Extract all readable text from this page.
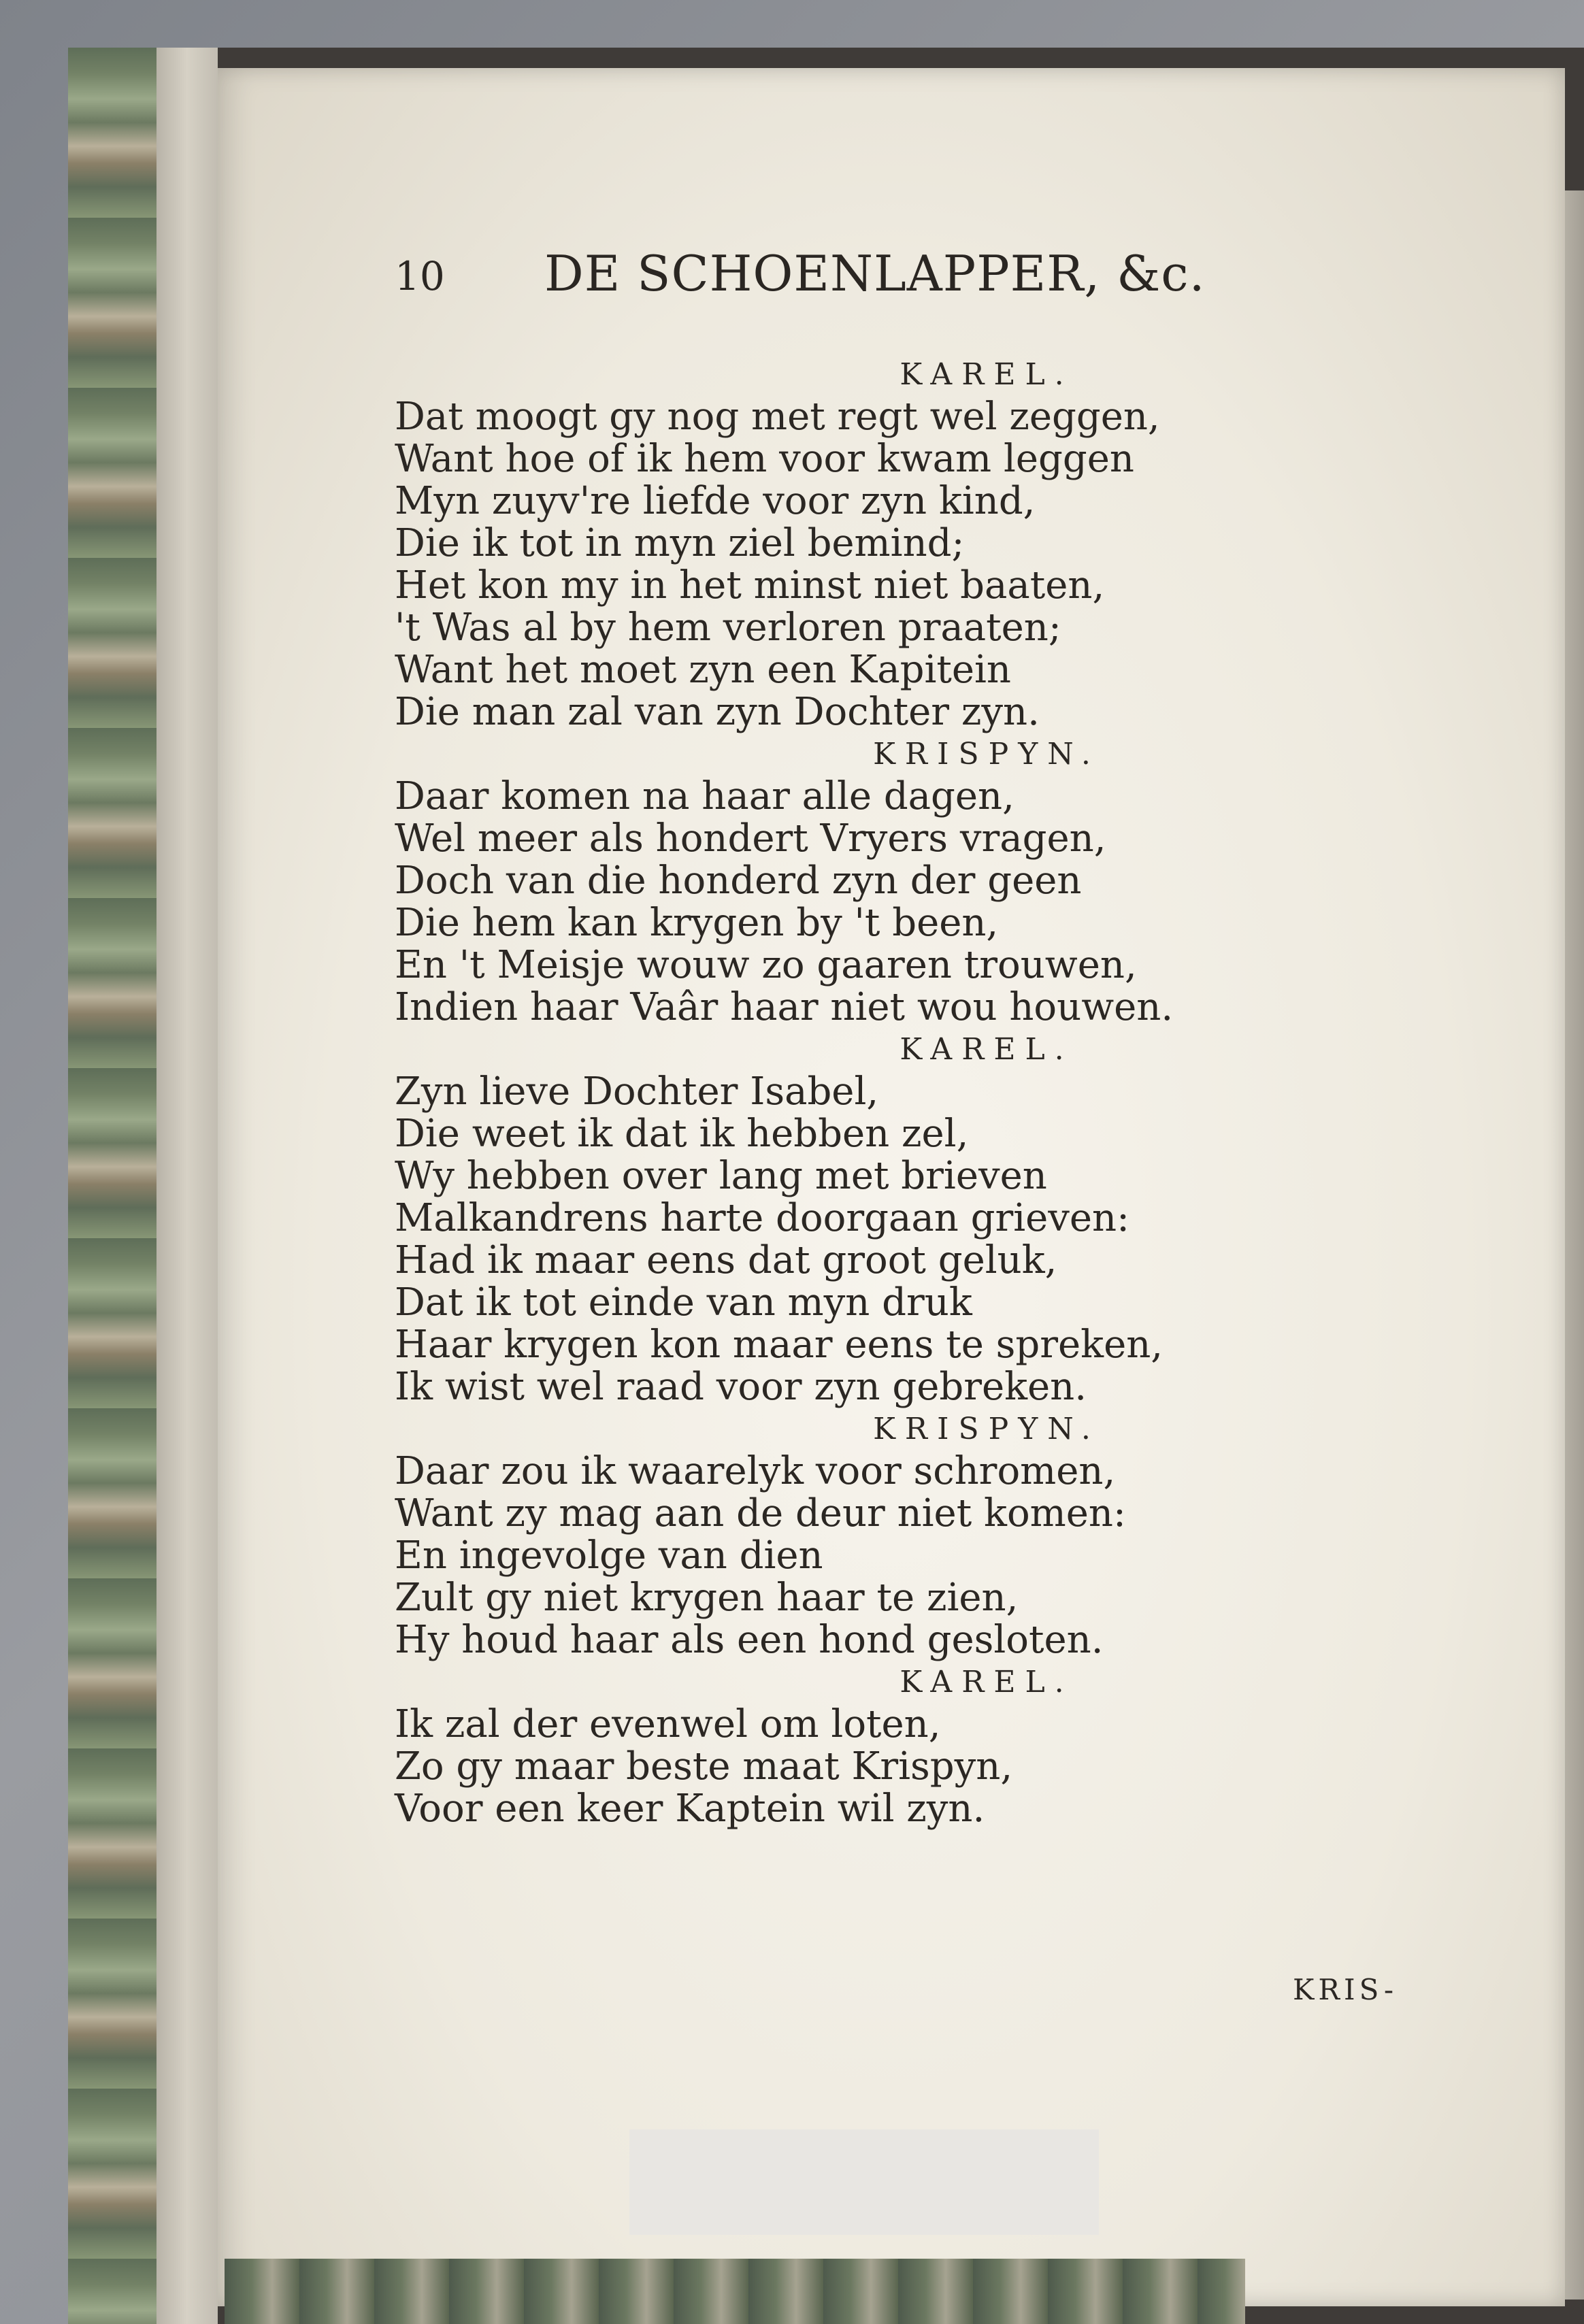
10 DE SCHOENLAPPER, &c.
KAREL.
Dat moogt gy nog met regt wel zeggen,
Want hoe of ik hem voor kwam leggen
Myn zuyv're liefde voor zyn kind,
Die ik tot in myn ziel bemind;
Het kon my in het minst niet baaten,
't Was al by hem verloren praaten;
Want het moet zyn een Kapitein
Die man zal van zyn Dochter zyn.
KRISPYN.
Daar komen na haar alle dagen,
Wel meer als hondert Vryers vragen,
Doch van die honderd zyn der geen
Die hem kan krygen by 't been,
En 't Meisje wouw zo gaaren trouwen,
Indien haar Vaâr haar niet wou houwen.
KAREL.
Zyn lieve Dochter Isabel,
Die weet ik dat ik hebben zel,
Wy hebben over lang met brieven
Malkandrens harte doorgaan grieven:
Had ik maar eens dat groot geluk,
Dat ik tot einde van myn druk
Haar krygen kon maar eens te spreken,
Ik wist wel raad voor zyn gebreken.
KRISPYN.
Daar zou ik waarelyk voor schromen,
Want zy mag aan de deur niet komen:
En ingevolge van dien
Zult gy niet krygen haar te zien,
Hy houd haar als een hond gesloten.
KAREL.
Ik zal der evenwel om loten,
Zo gy maar beste maat Krispyn,
Voor een keer Kaptein wil zyn.
KRIS-
